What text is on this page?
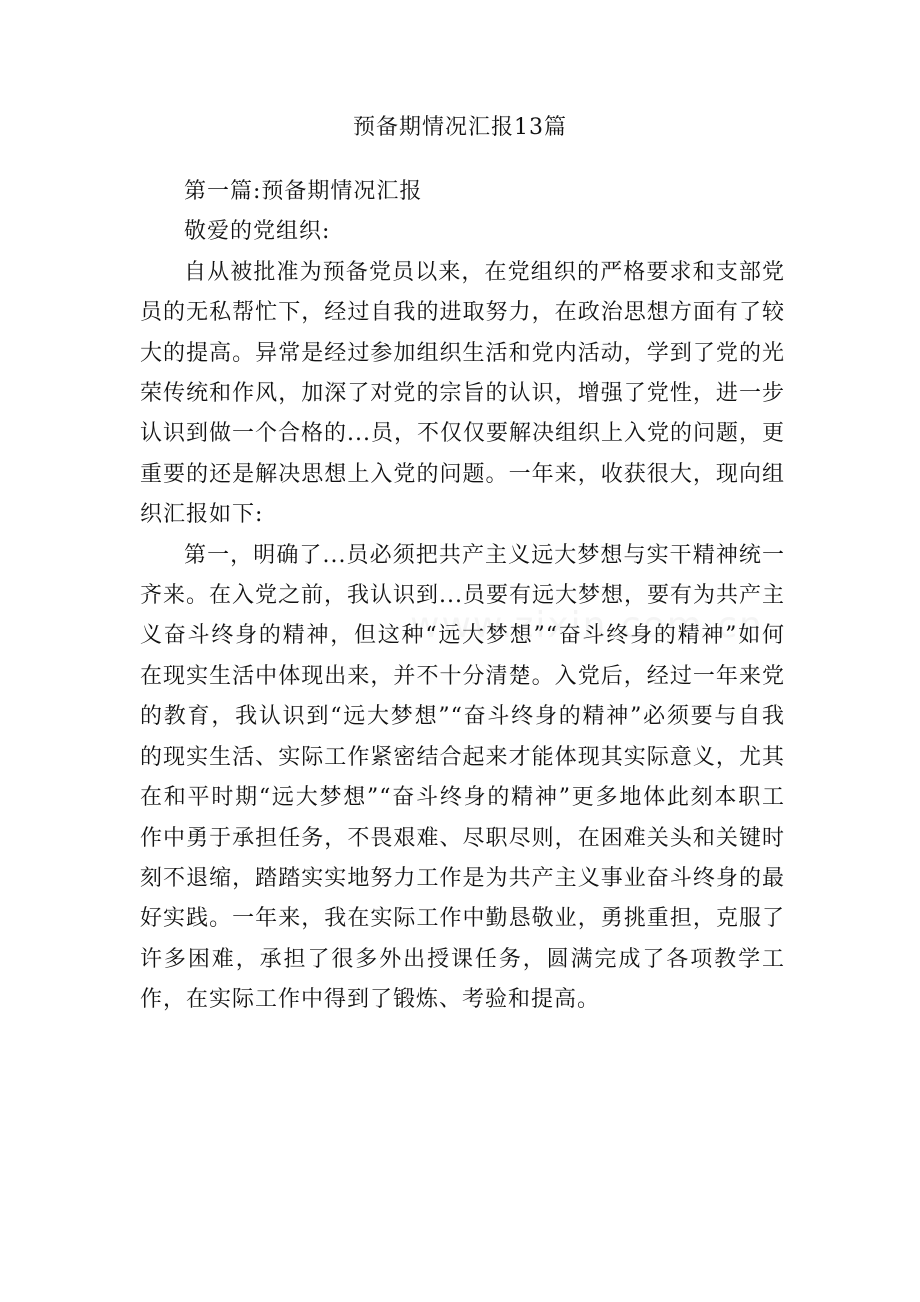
预备期情况汇报13篇

第一篇:预备期情况汇报

敬爱的党组织:

自从被批准为预备党员以来，在党组织的严格要求和支部党员的无私帮忙下，经过自我的进取努力，在政治思想方面有了较大的提高。异常是经过参加组织生活和党内活动，学到了党的光荣传统和作风，加深了对党的宗旨的认识，增强了党性，进一步认识到做一个合格的...员，不仅仅要解决组织上入党的问题，更重要的还是解决思想上入党的问题。一年来，收获很大，现向组织汇报如下:

第一，明确了...员必须把共产主义远大梦想与实干精神统一齐来。在入党之前，我认识到...员要有远大梦想，要有为共产主义奋斗终身的精神，但这种“远大梦想”“奋斗终身的精神”如何在现实生活中体现出来，并不十分清楚。入党后，经过一年来党的教育，我认识到“远大梦想”“奋斗终身的精神”必须要与自我的现实生活、实际工作紧密结合起来才能体现其实际意义，尤其在和平时期“远大梦想”“奋斗终身的精神”更多地体此刻本职工作中勇于承担任务，不畏艰难、尽职尽则，在困难关头和关键时刻不退缩，踏踏实实地努力工作是为共产主义事业奋斗终身的最好实践。一年来，我在实际工作中勤恳敬业，勇挑重担，克服了许多困难，承担了很多外出授课任务，圆满完成了各项教学工作，在实际工作中得到了锻炼、考验和提高。
